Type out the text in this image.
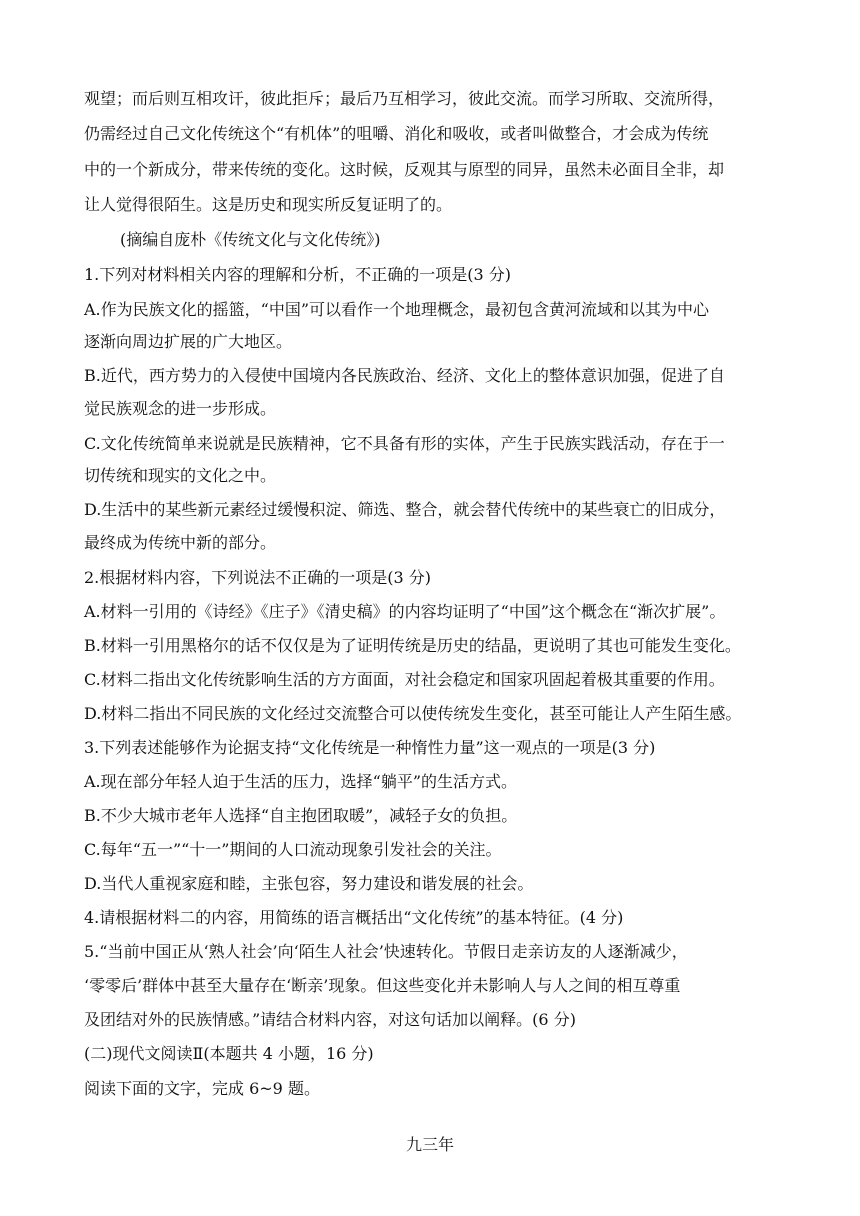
观望；而后则互相攻讦，彼此拒斥；最后乃互相学习，彼此交流。而学习所取、交流所得，
仍需经过自己文化传统这个“有机体”的咀嚼、消化和吸收，或者叫做整合，才会成为传统
中的一个新成分，带来传统的变化。这时候，反观其与原型的同异，虽然未必面目全非，却
让人觉得很陌生。这是历史和现实所反复证明了的。
(摘编自庞朴《传统文化与文化传统》)
1.下列对材料相关内容的理解和分析，不正确的一项是(3 分)
A.作为民族文化的摇篮，“中国”可以看作一个地理概念，最初包含黄河流域和以其为中心
逐渐向周边扩展的广大地区。
B.近代，西方势力的入侵使中国境内各民族政治、经济、文化上的整体意识加强，促进了自
觉民族观念的进一步形成。
C.文化传统简单来说就是民族精神，它不具备有形的实体，产生于民族实践活动，存在于一
切传统和现实的文化之中。
D.生活中的某些新元素经过缓慢积淀、筛选、整合，就会替代传统中的某些衰亡的旧成分，
最终成为传统中新的部分。
2.根据材料内容，下列说法不正确的一项是(3 分)
A.材料一引用的《诗经》《庄子》《清史稿》的内容均证明了“中国”这个概念在“渐次扩展”。
B.材料一引用黑格尔的话不仅仅是为了证明传统是历史的结晶，更说明了其也可能发生变化。
C.材料二指出文化传统影响生活的方方面面，对社会稳定和国家巩固起着极其重要的作用。
D.材料二指出不同民族的文化经过交流整合可以使传统发生变化，甚至可能让人产生陌生感。
3.下列表述能够作为论据支持“文化传统是一种惰性力量”这一观点的一项是(3 分)
A.现在部分年轻人迫于生活的压力，选择“躺平”的生活方式。
B.不少大城市老年人选择“自主抱团取暖”，减轻子女的负担。
C.每年“五一”“十一”期间的人口流动现象引发社会的关注。
D.当代人重视家庭和睦，主张包容，努力建设和谐发展的社会。
4.请根据材料二的内容，用简练的语言概括出“文化传统”的基本特征。(4 分)
5.“当前中国正从‘熟人社会’向‘陌生人社会’快速转化。节假日走亲访友的人逐渐减少，
‘零零后’群体中甚至大量存在‘断亲’现象。但这些变化并未影响人与人之间的相互尊重
及团结对外的民族情感。”请结合材料内容，对这句话加以阐释。(6 分)
(二)现代文阅读Ⅱ(本题共 4 小题，16 分)
阅读下面的文字，完成 6~9 题。
九三年
